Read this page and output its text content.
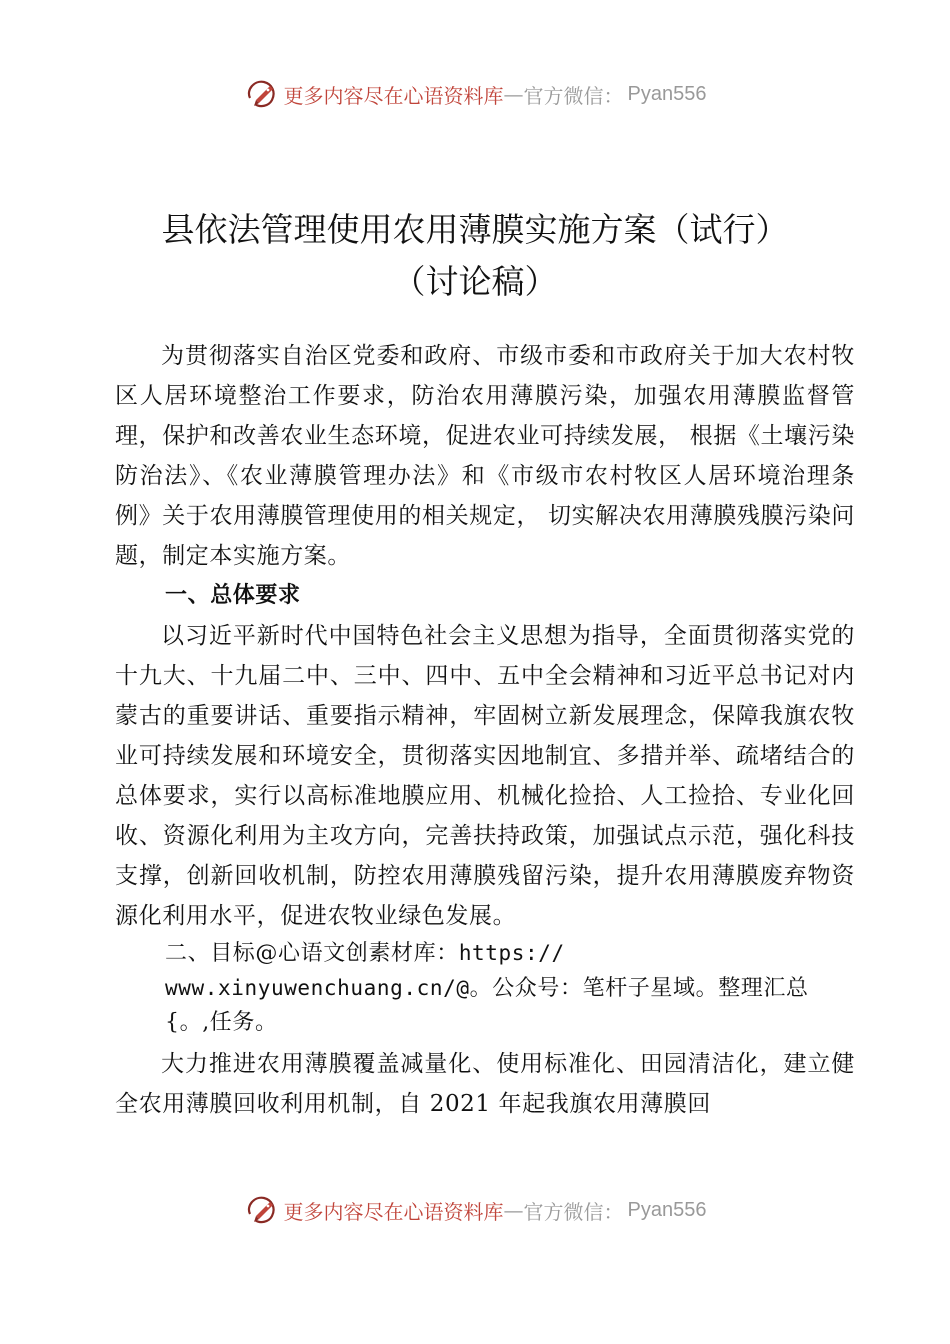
更多内容尽在心语资料库 — 官方微信： Pyan556
县依法管理使用农用薄膜实施方案（试行）
（讨论稿）

为贯彻落实自治区党委和政府、市级市委和市政府关于加大农村牧区人居环境整治工作要求，防治农用薄膜污染，加强农用薄膜监督管理，保护和改善农业生态环境，促进农业可持续发展， 根据《土壤污染防治法》、《农业薄膜管理办法》和《市级市农村牧区人居环境治理条例》关于农用薄膜管理使用的相关规定， 切实解决农用薄膜残膜污染问题，制定本实施方案。

一、总体要求

以习近平新时代中国特色社会主义思想为指导，全面贯彻落实党的十九大、十九届二中、三中、四中、五中全会精神和习近平总书记对内蒙古的重要讲话、重要指示精神，牢固树立新发展理念，保障我旗农牧业可持续发展和环境安全，贯彻落实因地制宜、多措并举、疏堵结合的总体要求，实行以高标准地膜应用、机械化捡拾、人工捡拾、专业化回收、资源化利用为主攻方向，完善扶持政策，加强试点示范，强化科技支撑，创新回收机制，防控农用薄膜残留污染，提升农用薄膜废弃物资源化利用水平，促进农牧业绿色发展。

二、目标@心语文创素材库：https://
www.xinyuwenchuang.cn/@。公众号：笔杆子星域。整理汇总
{。,任务。

大力推进农用薄膜覆盖减量化、使用标准化、田园清洁化，建立健全农用薄膜回收利用机制，自 2021 年起我旗农用薄膜回

更多内容尽在心语资料库 — 官方微信： Pyan556
